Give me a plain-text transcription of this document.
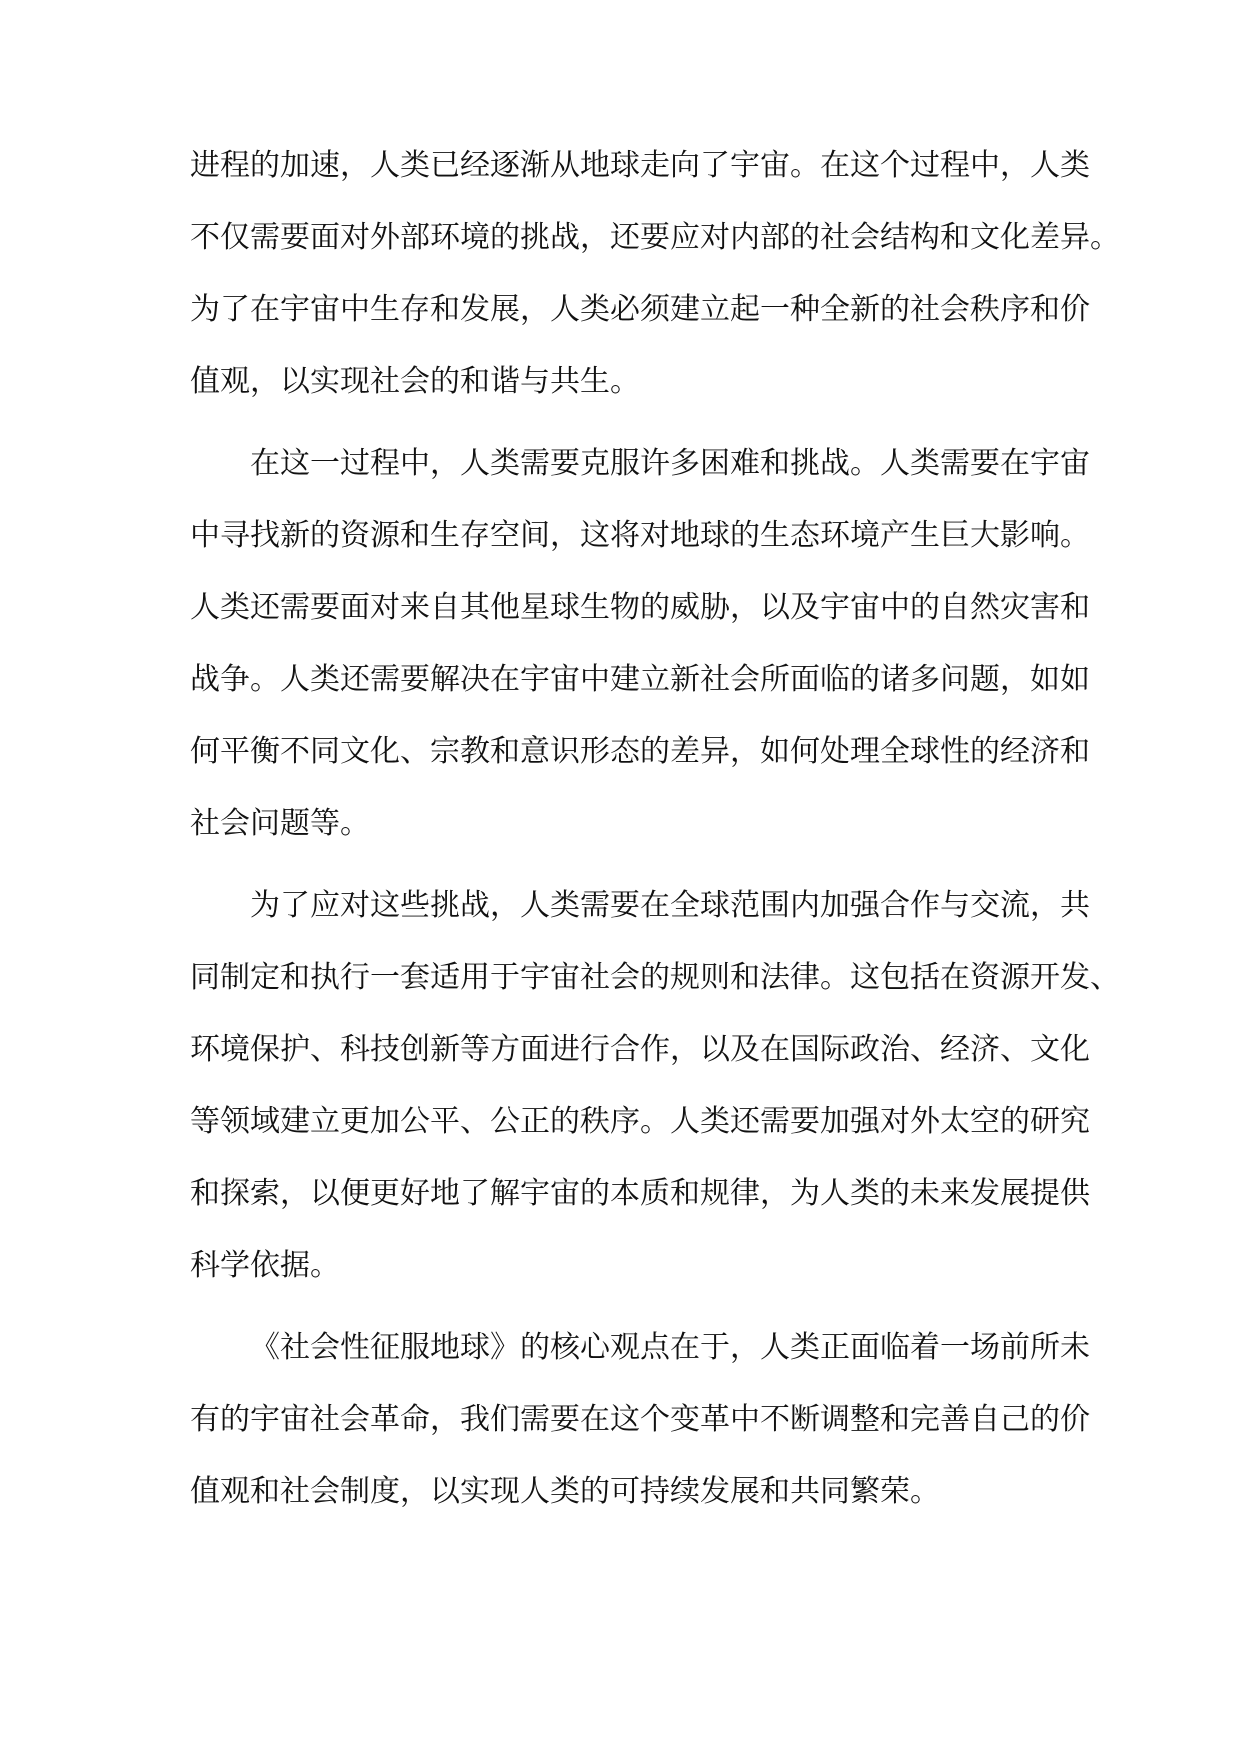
进程的加速，人类已经逐渐从地球走向了宇宙。在这个过程中，人类
不仅需要面对外部环境的挑战，还要应对内部的社会结构和文化差异。
为了在宇宙中生存和发展，人类必须建立起一种全新的社会秩序和价
值观，以实现社会的和谐与共生。
在这一过程中，人类需要克服许多困难和挑战。人类需要在宇宙
中寻找新的资源和生存空间，这将对地球的生态环境产生巨大影响。
人类还需要面对来自其他星球生物的威胁，以及宇宙中的自然灾害和
战争。人类还需要解决在宇宙中建立新社会所面临的诸多问题，如如
何平衡不同文化、宗教和意识形态的差异，如何处理全球性的经济和
社会问题等。
为了应对这些挑战，人类需要在全球范围内加强合作与交流，共
同制定和执行一套适用于宇宙社会的规则和法律。这包括在资源开发、
环境保护、科技创新等方面进行合作，以及在国际政治、经济、文化
等领域建立更加公平、公正的秩序。人类还需要加强对外太空的研究
和探索，以便更好地了解宇宙的本质和规律，为人类的未来发展提供
科学依据。
《社会性征服地球》的核心观点在于，人类正面临着一场前所未
有的宇宙社会革命，我们需要在这个变革中不断调整和完善自己的价
值观和社会制度，以实现人类的可持续发展和共同繁荣。
